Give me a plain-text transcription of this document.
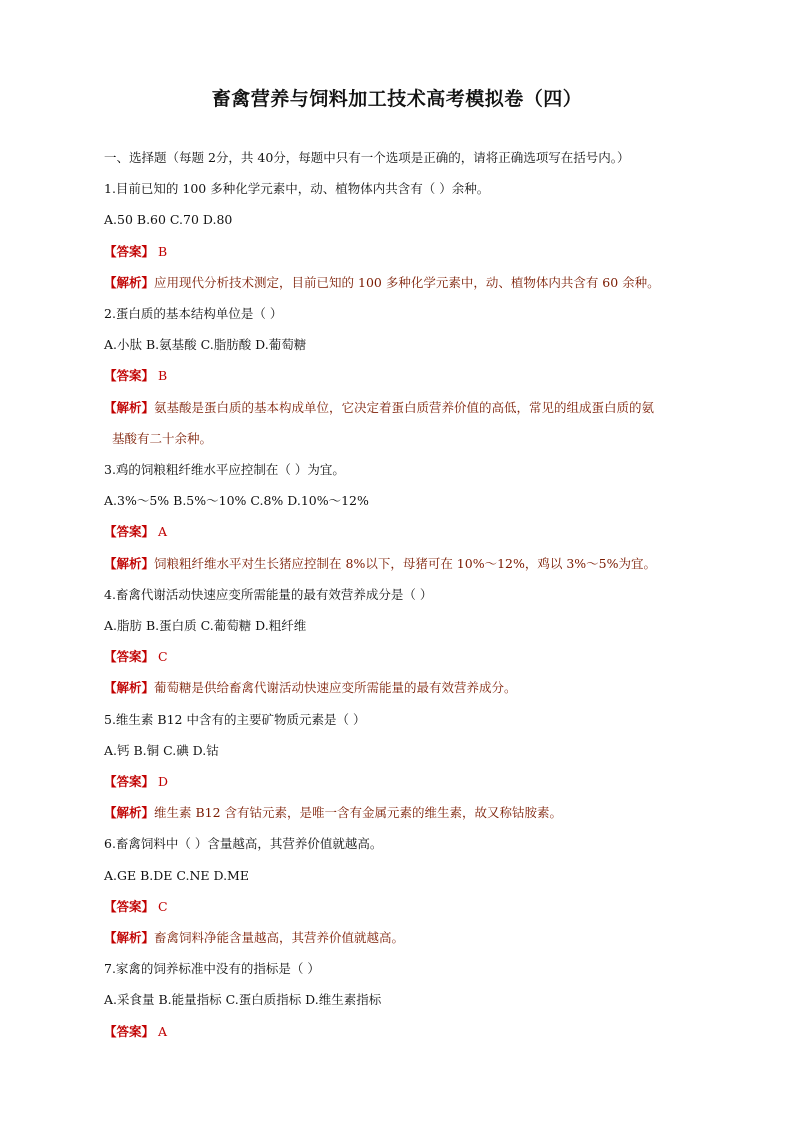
畜禽营养与饲料加工技术高考模拟卷（四）
一、选择题（每题 2分，共 40分，每题中只有一个选项是正确的，请将正确选项写在括号内。）
1.目前已知的 100 多种化学元素中，动、植物体内共含有（ ）余种。
A.50 B.60 C.70 D.80
【答案】 B
【解析】应用现代分析技术测定，目前已知的 100 多种化学元素中，动、植物体内共含有 60 余种。
2.蛋白质的基本结构单位是（ ）
A.小肽 B.氨基酸 C.脂肪酸 D.葡萄糖
【答案】 B
【解析】氨基酸是蛋白质的基本构成单位，它决定着蛋白质营养价值的高低，常见的组成蛋白质的氨
基酸有二十余种。
3.鸡的饲粮粗纤维水平应控制在（ ）为宜。
A.3%～5% B.5%～10% C.8% D.10%～12%
【答案】 A
【解析】饲粮粗纤维水平对生长猪应控制在 8%以下，母猪可在 10%～12%，鸡以 3%～5%为宜。
4.畜禽代谢活动快速应变所需能量的最有效营养成分是（ ）
A.脂肪 B.蛋白质 C.葡萄糖 D.粗纤维
【答案】 C
【解析】葡萄糖是供给畜禽代谢活动快速应变所需能量的最有效营养成分。
5.维生素 B12 中含有的主要矿物质元素是（ ）
A.钙 B.铜 C.碘 D.钴
【答案】 D
【解析】维生素 B12 含有钴元素，是唯一含有金属元素的维生素，故又称钴胺素。
6.畜禽饲料中（ ）含量越高，其营养价值就越高。
A.GE B.DE C.NE D.ME
【答案】 C
【解析】畜禽饲料净能含量越高，其营养价值就越高。
7.家禽的饲养标准中没有的指标是（ ）
A.采食量 B.能量指标 C.蛋白质指标 D.维生素指标
【答案】 A
